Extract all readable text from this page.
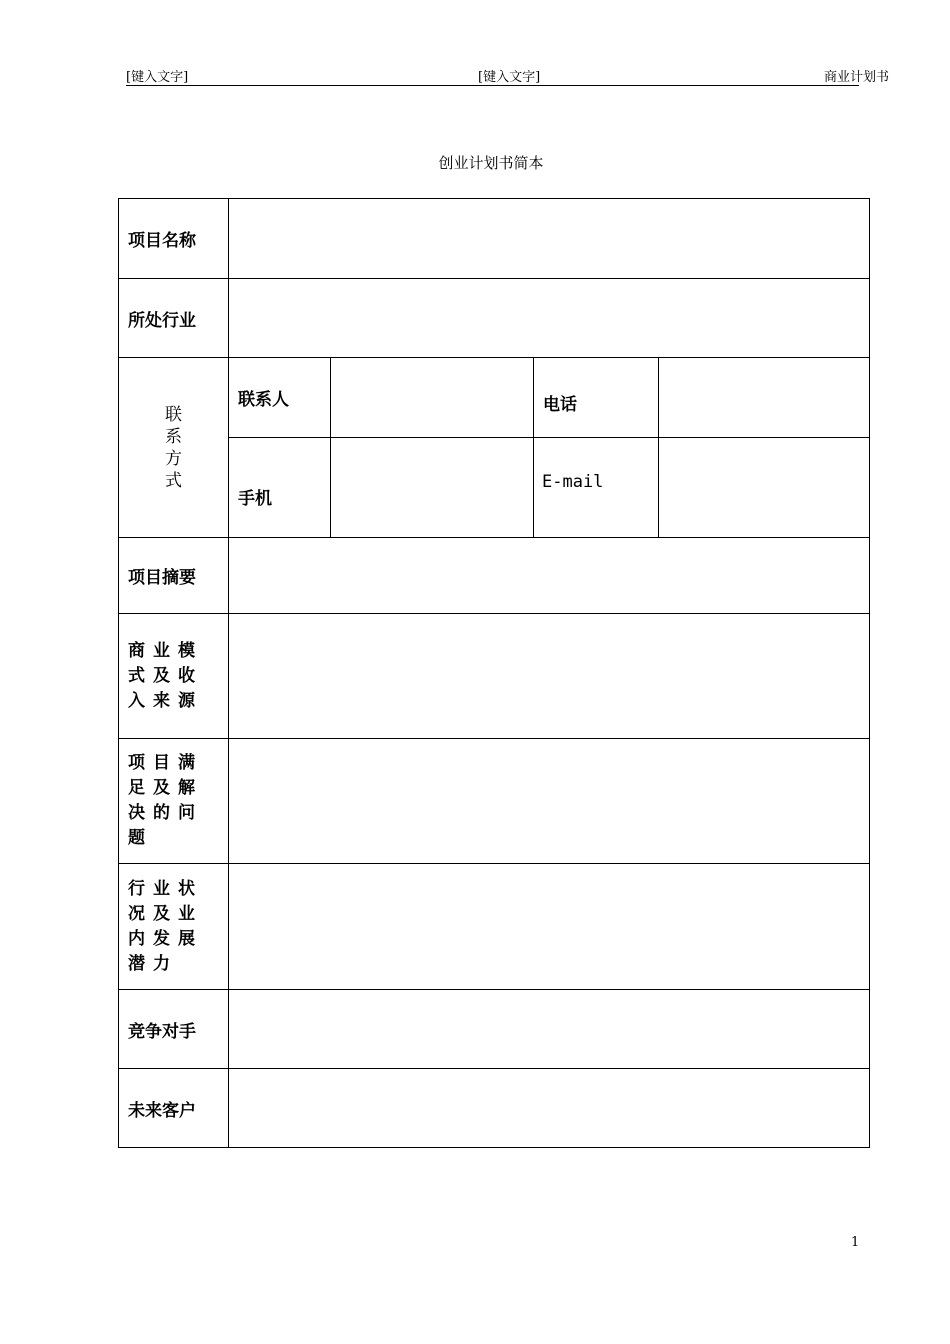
[键入文字]	[键入文字]	商业计划书
创业计划书简本
项目名称				
所处行业				

联
系
方
式	联系人		电话	
	手机		E-mail	
项目摘要				
商业模式及收入来源				
项目满足及解决的问题				
行业状况及业内发展潜力				
竞争对手				
未来客户				
1
